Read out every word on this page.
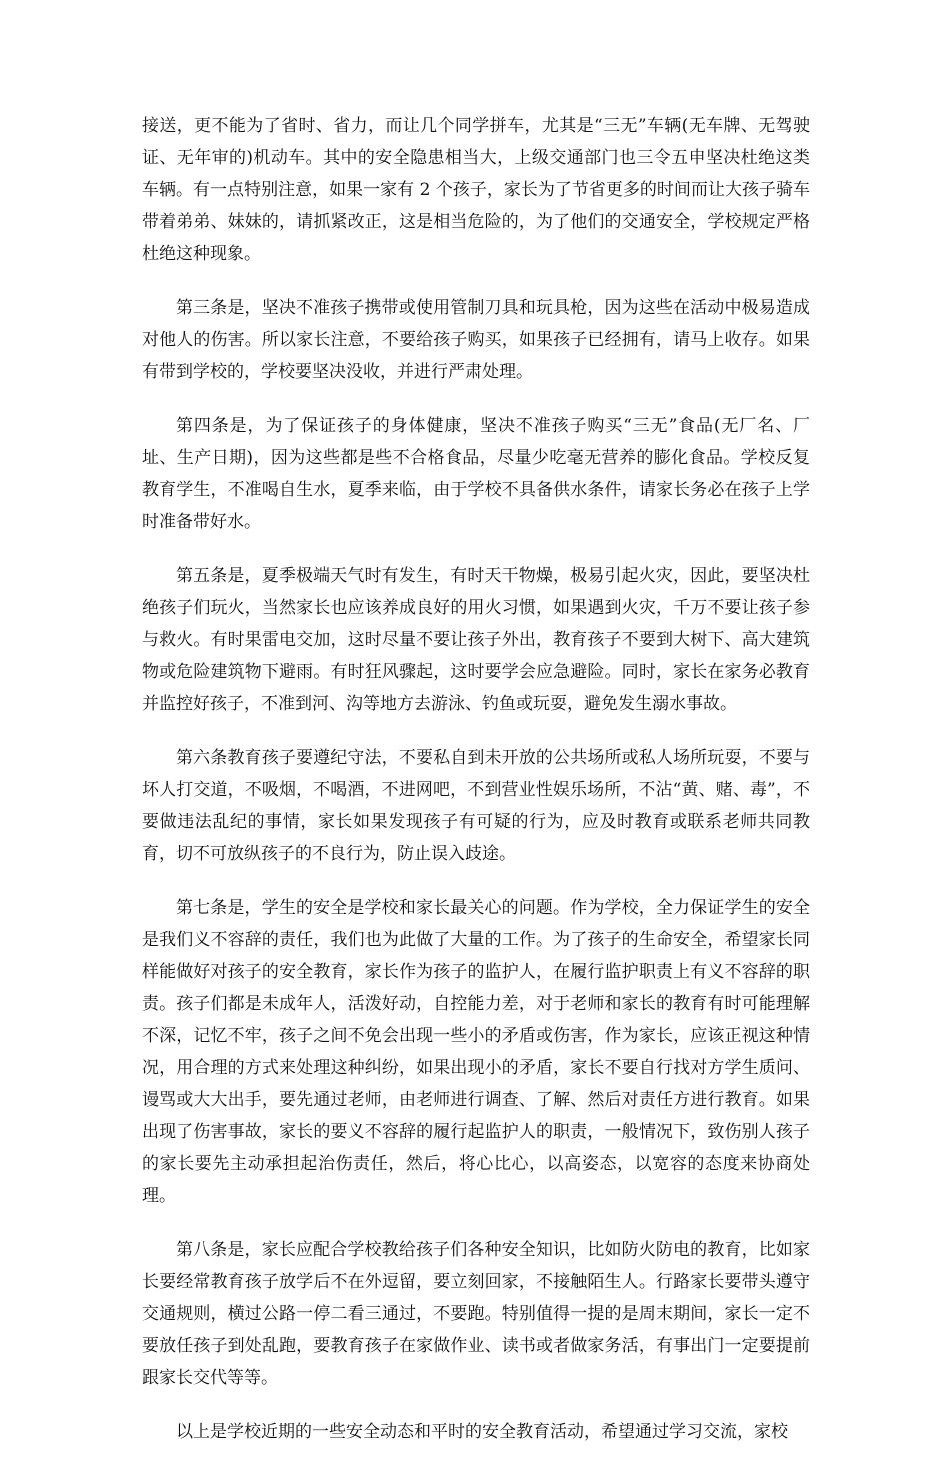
接送，更不能为了省时、省力，而让几个同学拼车，尤其是“三无”车辆(无车牌、无驾驶证、无年审的)机动车。其中的安全隐患相当大，上级交通部门也三令五申坚决杜绝这类车辆。有一点特别注意，如果一家有 2 个孩子，家长为了节省更多的时间而让大孩子骑车带着弟弟、妹妹的，请抓紧改正，这是相当危险的，为了他们的交通安全，学校规定严格杜绝这种现象。

第三条是，坚决不准孩子携带或使用管制刀具和玩具枪，因为这些在活动中极易造成对他人的伤害。所以家长注意，不要给孩子购买，如果孩子已经拥有，请马上收存。如果有带到学校的，学校要坚决没收，并进行严肃处理。

第四条是，为了保证孩子的身体健康，坚决不准孩子购买“三无”食品(无厂名、厂址、生产日期)，因为这些都是些不合格食品，尽量少吃毫无营养的膨化食品。学校反复教育学生，不准喝自生水，夏季来临，由于学校不具备供水条件，请家长务必在孩子上学时准备带好水。

第五条是，夏季极端天气时有发生，有时天干物燥，极易引起火灾，因此，要坚决杜绝孩子们玩火，当然家长也应该养成良好的用火习惯，如果遇到火灾，千万不要让孩子参与救火。有时果雷电交加，这时尽量不要让孩子外出，教育孩子不要到大树下、高大建筑物或危险建筑物下避雨。有时狂风骤起，这时要学会应急避险。同时，家长在家务必教育并监控好孩子，不准到河、沟等地方去游泳、钓鱼或玩耍，避免发生溺水事故。

第六条教育孩子要遵纪守法，不要私自到未开放的公共场所或私人场所玩耍，不要与坏人打交道，不吸烟，不喝酒，不进网吧，不到营业性娱乐场所，不沾“黄、赌、毒”，不要做违法乱纪的事情，家长如果发现孩子有可疑的行为，应及时教育或联系老师共同教育，切不可放纵孩子的不良行为，防止误入歧途。

第七条是，学生的安全是学校和家长最关心的问题。作为学校，全力保证学生的安全是我们义不容辞的责任，我们也为此做了大量的工作。为了孩子的生命安全，希望家长同样能做好对孩子的安全教育，家长作为孩子的监护人，在履行监护职责上有义不容辞的职责。孩子们都是未成年人，活泼好动，自控能力差，对于老师和家长的教育有时可能理解不深，记忆不牢，孩子之间不免会出现一些小的矛盾或伤害，作为家长，应该正视这种情况，用合理的方式来处理这种纠纷，如果出现小的矛盾，家长不要自行找对方学生质问、谩骂或大大出手，要先通过老师，由老师进行调查、了解、然后对责任方进行教育。如果出现了伤害事故，家长的要义不容辞的履行起监护人的职责，一般情况下，致伤别人孩子的家长要先主动承担起治伤责任，然后，将心比心，以高姿态，以宽容的态度来协商处理。

第八条是，家长应配合学校教给孩子们各种安全知识，比如防火防电的教育，比如家长要经常教育孩子放学后不在外逗留，要立刻回家，不接触陌生人。行路家长要带头遵守交通规则，横过公路一停二看三通过，不要跑。特别值得一提的是周末期间，家长一定不要放任孩子到处乱跑，要教育孩子在家做作业、读书或者做家务活，有事出门一定要提前跟家长交代等等。

以上是学校近期的一些安全动态和平时的安全教育活动，希望通过学习交流，家校
